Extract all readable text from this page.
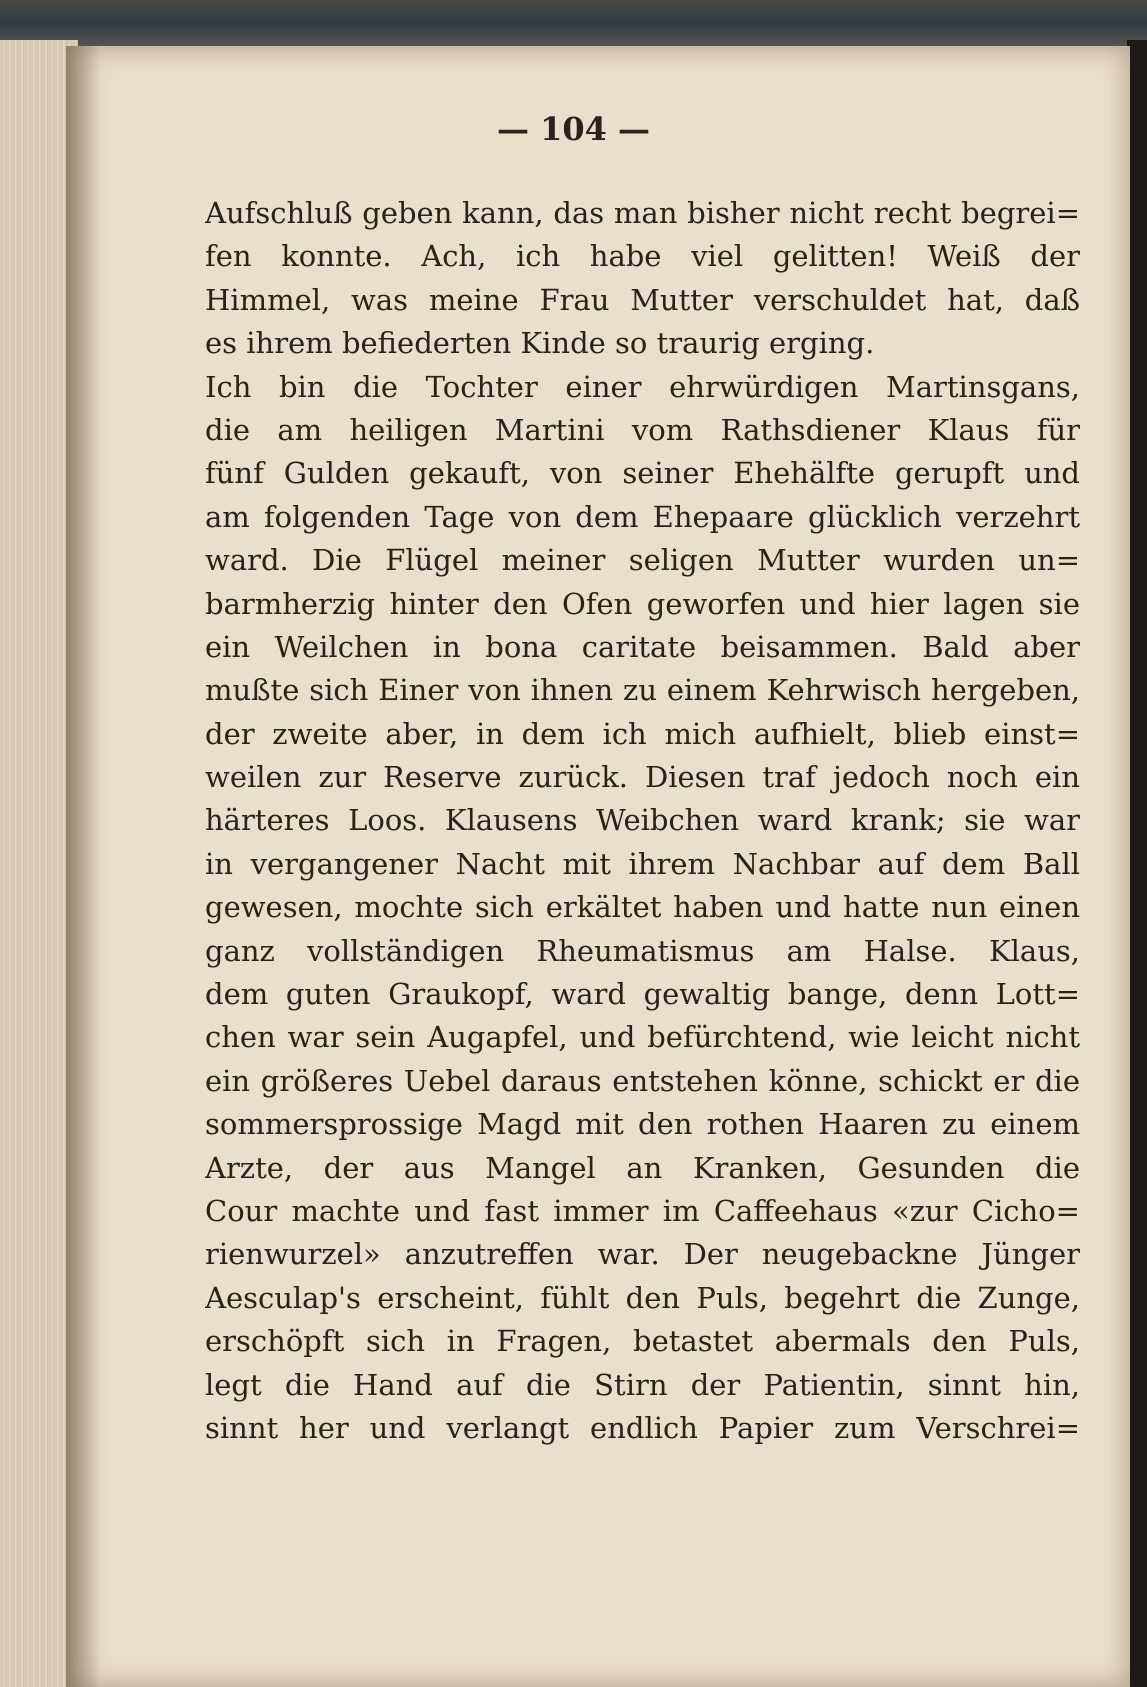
— 104 —
Aufschluß geben kann, das man bisher nicht recht begrei=
fen konnte. Ach, ich habe viel gelitten! Weiß der
Himmel, was meine Frau Mutter verschuldet hat, daß
es ihrem befiederten Kinde so traurig erging.
Ich bin die Tochter einer ehrwürdigen Martinsgans,
die am heiligen Martini vom Rathsdiener Klaus für
fünf Gulden gekauft, von seiner Ehehälfte gerupft und
am folgenden Tage von dem Ehepaare glücklich verzehrt
ward. Die Flügel meiner seligen Mutter wurden un=
barmherzig hinter den Ofen geworfen und hier lagen sie
ein Weilchen in bona caritate beisammen. Bald aber
mußte sich Einer von ihnen zu einem Kehrwisch hergeben,
der zweite aber, in dem ich mich aufhielt, blieb einst=
weilen zur Reserve zurück. Diesen traf jedoch noch ein
härteres Loos. Klausens Weibchen ward krank; sie war
in vergangener Nacht mit ihrem Nachbar auf dem Ball
gewesen, mochte sich erkältet haben und hatte nun einen
ganz vollständigen Rheumatismus am Halse. Klaus,
dem guten Graukopf, ward gewaltig bange, denn Lott=
chen war sein Augapfel, und befürchtend, wie leicht nicht
ein größeres Uebel daraus entstehen könne, schickt er die
sommersprossige Magd mit den rothen Haaren zu einem
Arzte, der aus Mangel an Kranken, Gesunden die
Cour machte und fast immer im Caffeehaus «zur Cicho=
rienwurzel» anzutreffen war. Der neugebackne Jünger
Aesculap's erscheint, fühlt den Puls, begehrt die Zunge,
erschöpft sich in Fragen, betastet abermals den Puls,
legt die Hand auf die Stirn der Patientin, sinnt hin,
sinnt her und verlangt endlich Papier zum Verschrei=
